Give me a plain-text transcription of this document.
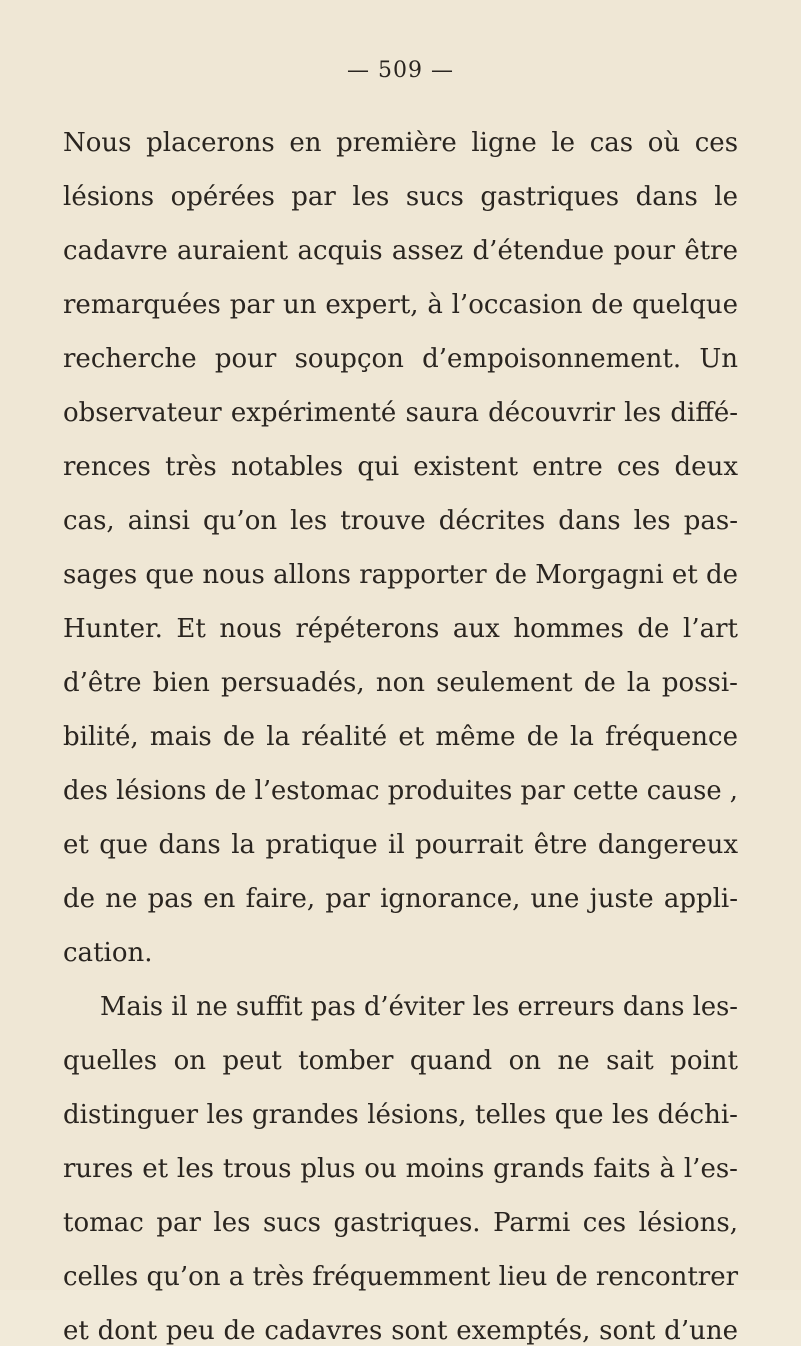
— 509 —
Nous placerons en première ligne le cas où ces
lésions opérées par les sucs gastriques dans le
cadavre auraient acquis assez d’étendue pour être
remarquées par un expert, à l’occasion de quelque
recherche pour soupçon d’empoisonnement. Un
observateur expérimenté saura découvrir les diffé-
rences très notables qui existent entre ces deux
cas, ainsi qu’on les trouve décrites dans les pas-
sages que nous allons rapporter de Morgagni et de
Hunter. Et nous répéterons aux hommes de l’art
d’être bien persuadés, non seulement de la possi-
bilité, mais de la réalité et même de la fréquence
des lésions de l’estomac produites par cette cause ,
et que dans la pratique il pourrait être dangereux
de ne pas en faire, par ignorance, une juste appli-
cation.
Mais il ne suffit pas d’éviter les erreurs dans les-
quelles on peut tomber quand on ne sait point
distinguer les grandes lésions, telles que les déchi-
rures et les trous plus ou moins grands faits à l’es-
tomac par les sucs gastriques. Parmi ces lésions,
celles qu’on a très fréquemment lieu de rencontrer
et dont peu de cadavres sont exemptés, sont d’une
